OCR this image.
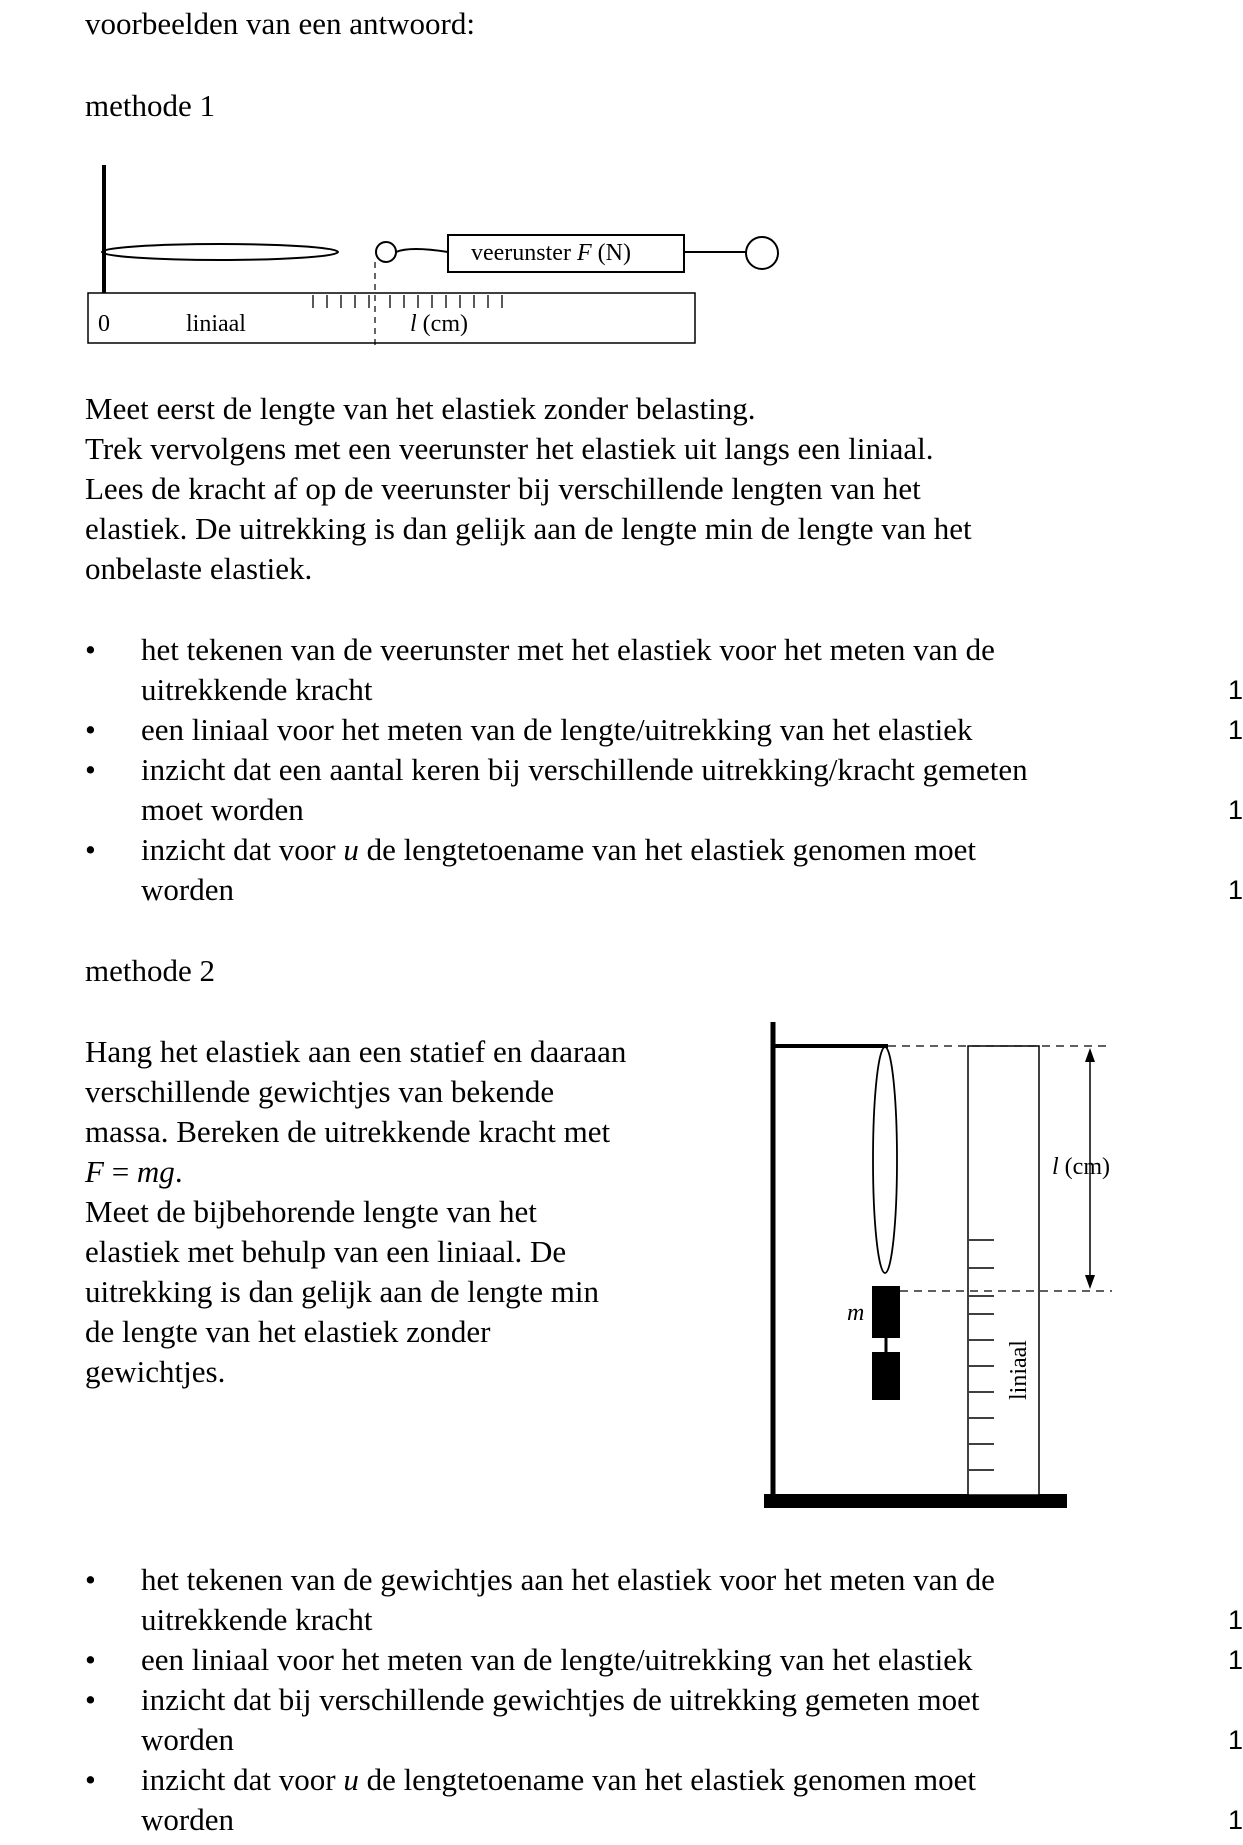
voorbeelden van een antwoord:
methode 1
veerunster F (N)
0	liniaal	l (cm)
Meet eerst de lengte van het elastiek zonder belasting.
Trek vervolgens met een veerunster het elastiek uit langs een liniaal.
Lees de kracht af op de veerunster bij verschillende lengten van het
elastiek. De uitrekking is dan gelijk aan de lengte min de lengte van het
onbelaste elastiek.
• het tekenen van de veerunster met het elastiek voor het meten van de
uitrekkende kracht	1
• een liniaal voor het meten van de lengte/uitrekking van het elastiek	1
• inzicht dat een aantal keren bij verschillende uitrekking/kracht gemeten
moet worden	1
• inzicht dat voor u de lengtetoename van het elastiek genomen moet
worden	1
methode 2
Hang het elastiek aan een statief en daaraan
verschillende gewichtjes van bekende
massa. Bereken de uitrekkende kracht met
F = mg.
Meet de bijbehorende lengte van het
elastiek met behulp van een liniaal. De
uitrekking is dan gelijk aan de lengte min
de lengte van het elastiek zonder
gewichtjes.
m
liniaal
l (cm)
• het tekenen van de gewichtjes aan het elastiek voor het meten van de
uitrekkende kracht	1
• een liniaal voor het meten van de lengte/uitrekking van het elastiek	1
• inzicht dat bij verschillende gewichtjes de uitrekking gemeten moet
worden	1
• inzicht dat voor u de lengtetoename van het elastiek genomen moet
worden	1
